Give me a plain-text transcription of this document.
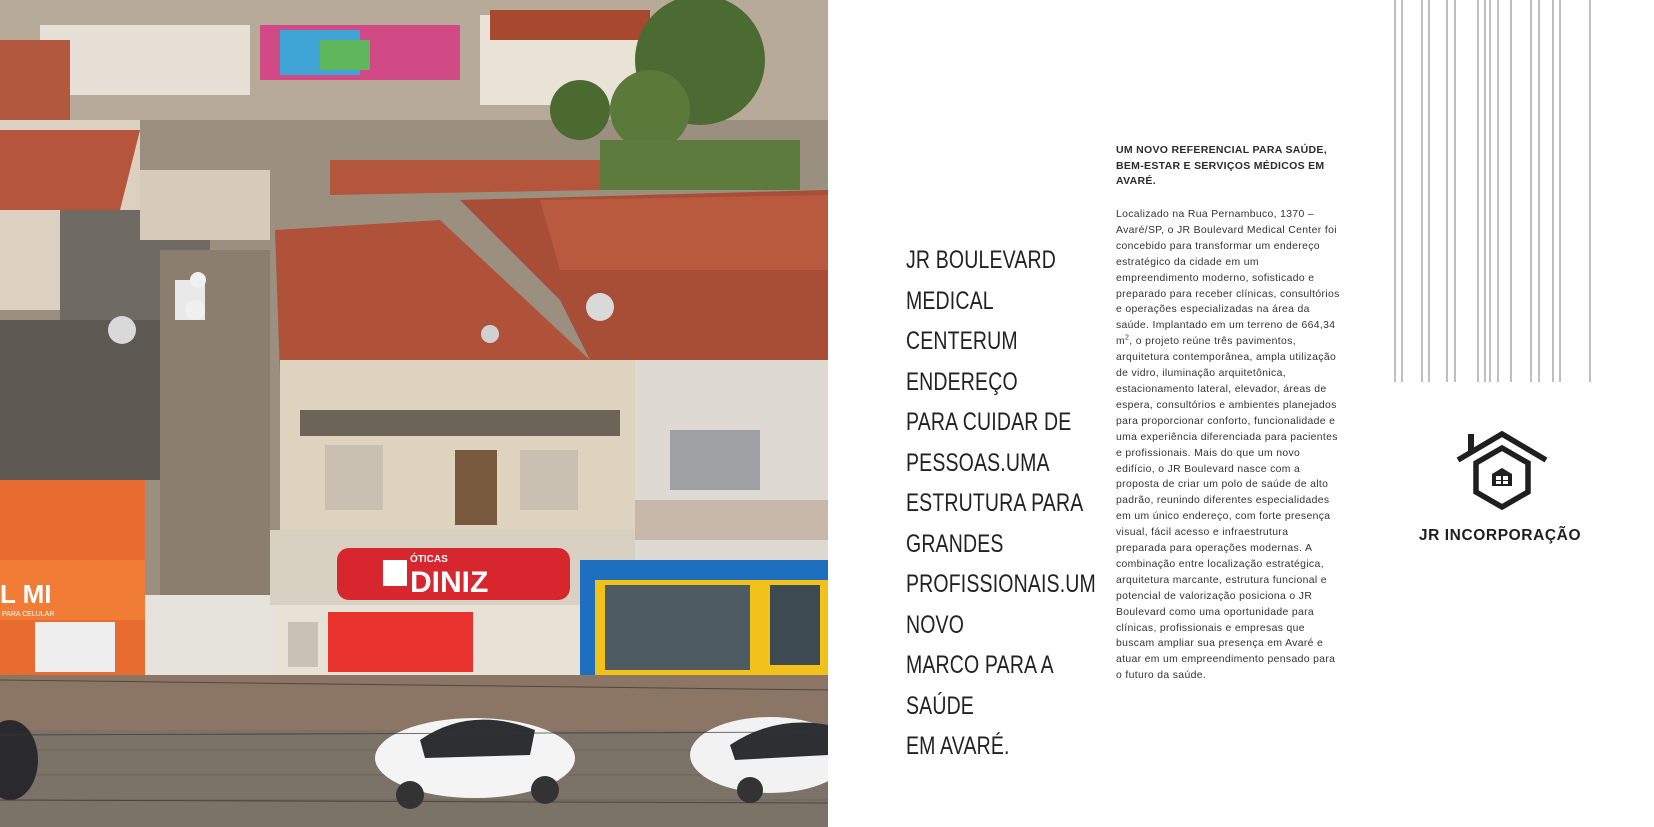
L MI
PARA CELULAR
ÓTICAS
DINIZ
JR BOULEVARD MEDICAL
CENTERUM ENDEREÇO
PARA CUIDAR DE
PESSOAS.UMA
ESTRUTURA PARA
GRANDES
PROFISSIONAIS.UM NOVO
MARCO PARA A SAÚDE
EM AVARÉ.
UM NOVO REFERENCIAL PARA SAÚDE, BEM-ESTAR E SERVIÇOS MÉDICOS EM AVARÉ.

Localizado na Rua Pernambuco, 1370 – Avaré/SP, o JR Boulevard Medical Center foi concebido para transformar um endereço estratégico da cidade em um empreendimento moderno, sofisticado e preparado para receber clínicas, consultórios e operações especializadas na área da saúde. Implantado em um terreno de 664,34 $m^2$, o projeto reúne três pavimentos, arquitetura contemporânea, ampla utilização de vidro, iluminação arquitetônica, estacionamento lateral, elevador, áreas de espera, consultórios e ambientes planejados para proporcionar conforto, funcionalidade e uma experiência diferenciada para pacientes e profissionais. Mais do que um novo edifício, o JR Boulevard nasce com a proposta de criar um polo de saúde de alto padrão, reunindo diferentes especialidades em um único endereço, com forte presença visual, fácil acesso e infraestrutura preparada para operações modernas. A combinação entre localização estratégica, arquitetura marcante, estrutura funcional e potencial de valorização posiciona o JR Boulevard como uma oportunidade para clínicas, profissionais e empresas que buscam ampliar sua presença em Avaré e atuar em um empreendimento pensado para o futuro da saúde.

JR INCORPORAÇÃO
